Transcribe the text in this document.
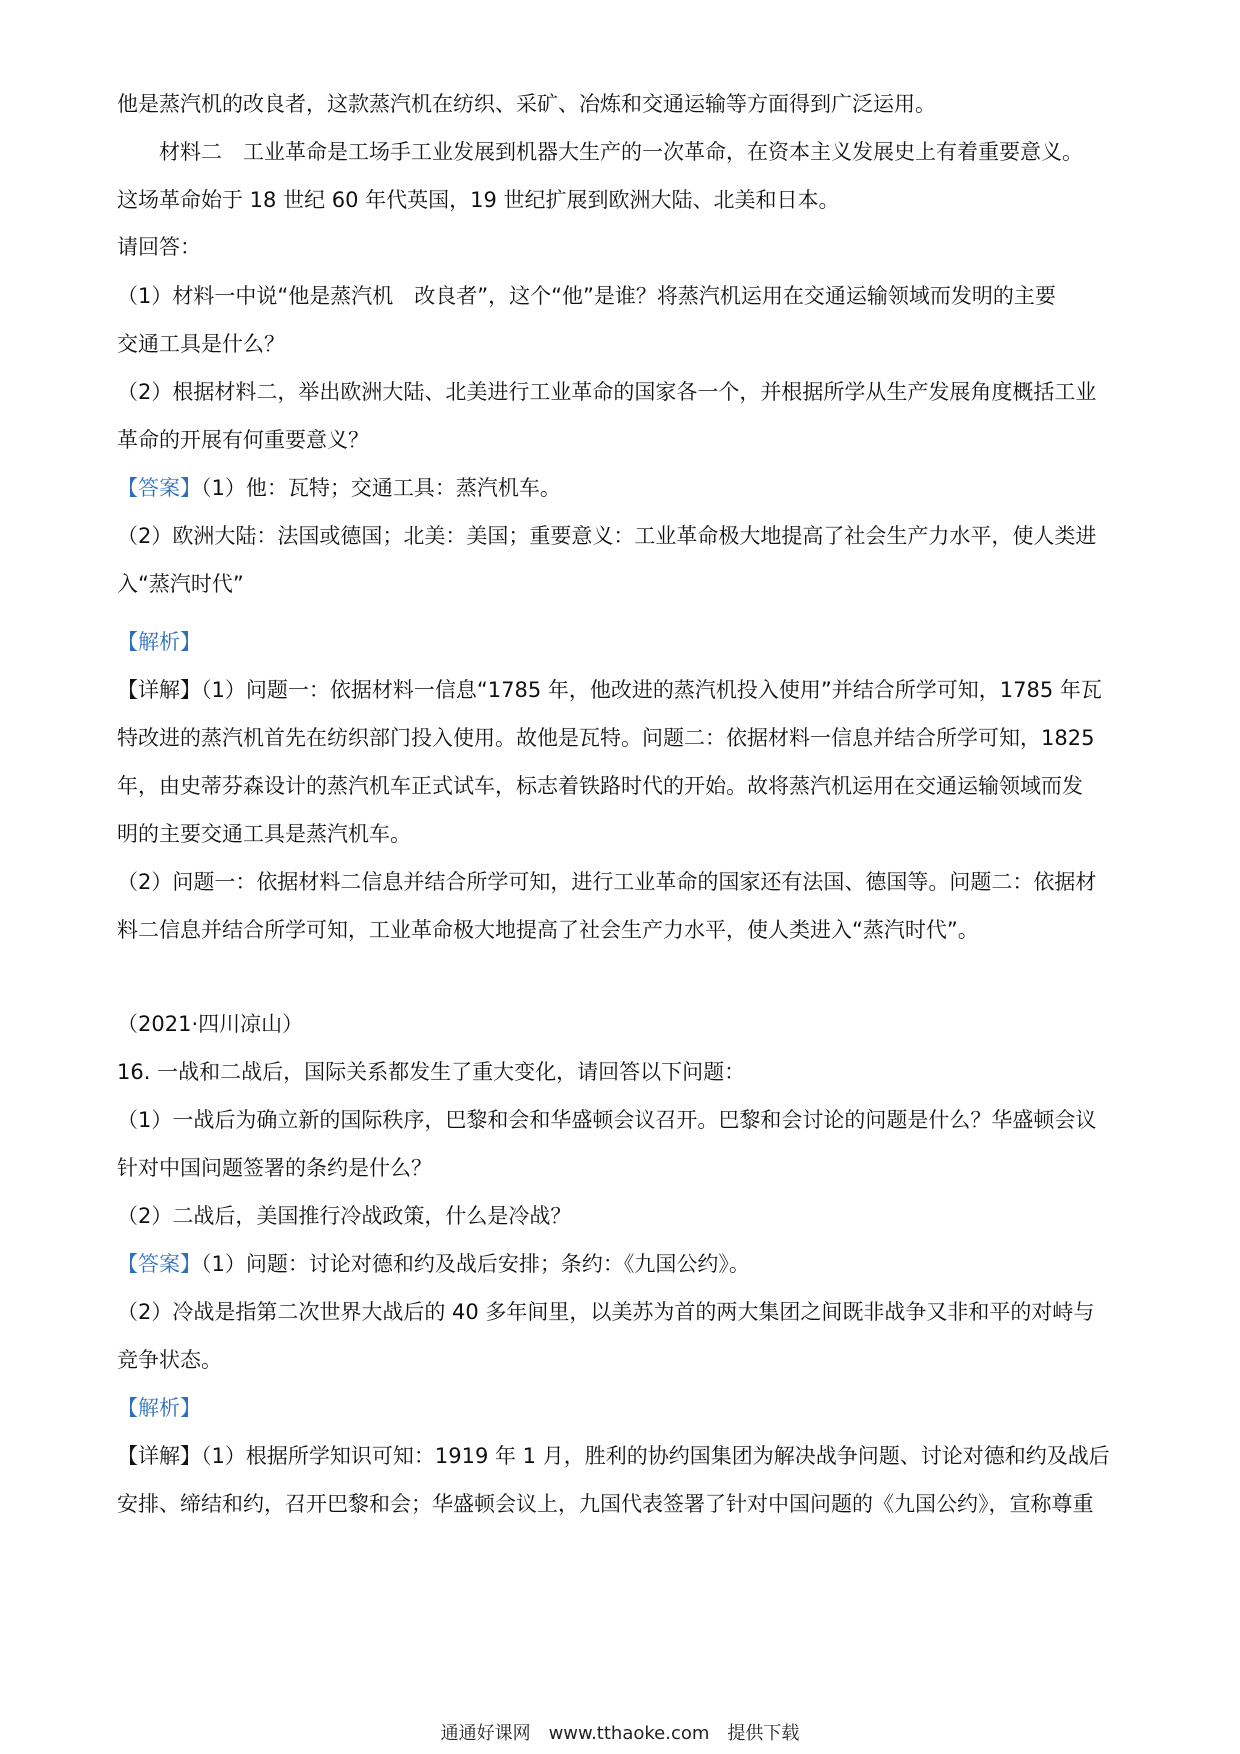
他是蒸汽机的改良者，这款蒸汽机在纺织、采矿、冶炼和交通运输等方面得到广泛运用。
　　材料二　工业革命是工场手工业发展到机器大生产的一次革命，在资本主义发展史上有着重要意义。
这场革命始于 18 世纪 60 年代英国，19 世纪扩展到欧洲大陆、北美和日本。
请回答：
（1）材料一中说“他是蒸汽机　改良者”，这个“他”是谁？将蒸汽机运用在交通运输领域而发明的主要
交通工具是什么？
（2）根据材料二，举出欧洲大陆、北美进行工业革命的国家各一个，并根据所学从生产发展角度概括工业
革命的开展有何重要意义？
【答案】（1）他：瓦特；交通工具：蒸汽机车。
（2）欧洲大陆：法国或德国；北美：美国；重要意义：工业革命极大地提高了社会生产力水平，使人类进
入“蒸汽时代”
【解析】
【详解】（1）问题一：依据材料一信息“1785 年，他改进的蒸汽机投入使用”并结合所学可知，1785 年瓦
特改进的蒸汽机首先在纺织部门投入使用。故他是瓦特。问题二：依据材料一信息并结合所学可知，1825
年，由史蒂芬森设计的蒸汽机车正式试车，标志着铁路时代的开始。故将蒸汽机运用在交通运输领域而发
明的主要交通工具是蒸汽机车。
（2）问题一：依据材料二信息并结合所学可知，进行工业革命的国家还有法国、德国等。问题二：依据材
料二信息并结合所学可知，工业革命极大地提高了社会生产力水平，使人类进入“蒸汽时代”。
（2021·四川凉山）
16. 一战和二战后，国际关系都发生了重大变化，请回答以下问题：
（1）一战后为确立新的国际秩序，巴黎和会和华盛顿会议召开。巴黎和会讨论的问题是什么？华盛顿会议
针对中国问题签署的条约是什么？
（2）二战后，美国推行冷战政策，什么是冷战？
【答案】（1）问题：讨论对德和约及战后安排；条约：《九国公约》。
（2）冷战是指第二次世界大战后的 40 多年间里，以美苏为首的两大集团之间既非战争又非和平的对峙与
竞争状态。
【解析】
【详解】（1）根据所学知识可知：1919 年 1 月，胜利的协约国集团为解决战争问题、讨论对德和约及战后
安排、缔结和约，召开巴黎和会；华盛顿会议上，九国代表签署了针对中国问题的《九国公约》，宣称尊重
通通好课网　www.tthaoke.com　提供下载
